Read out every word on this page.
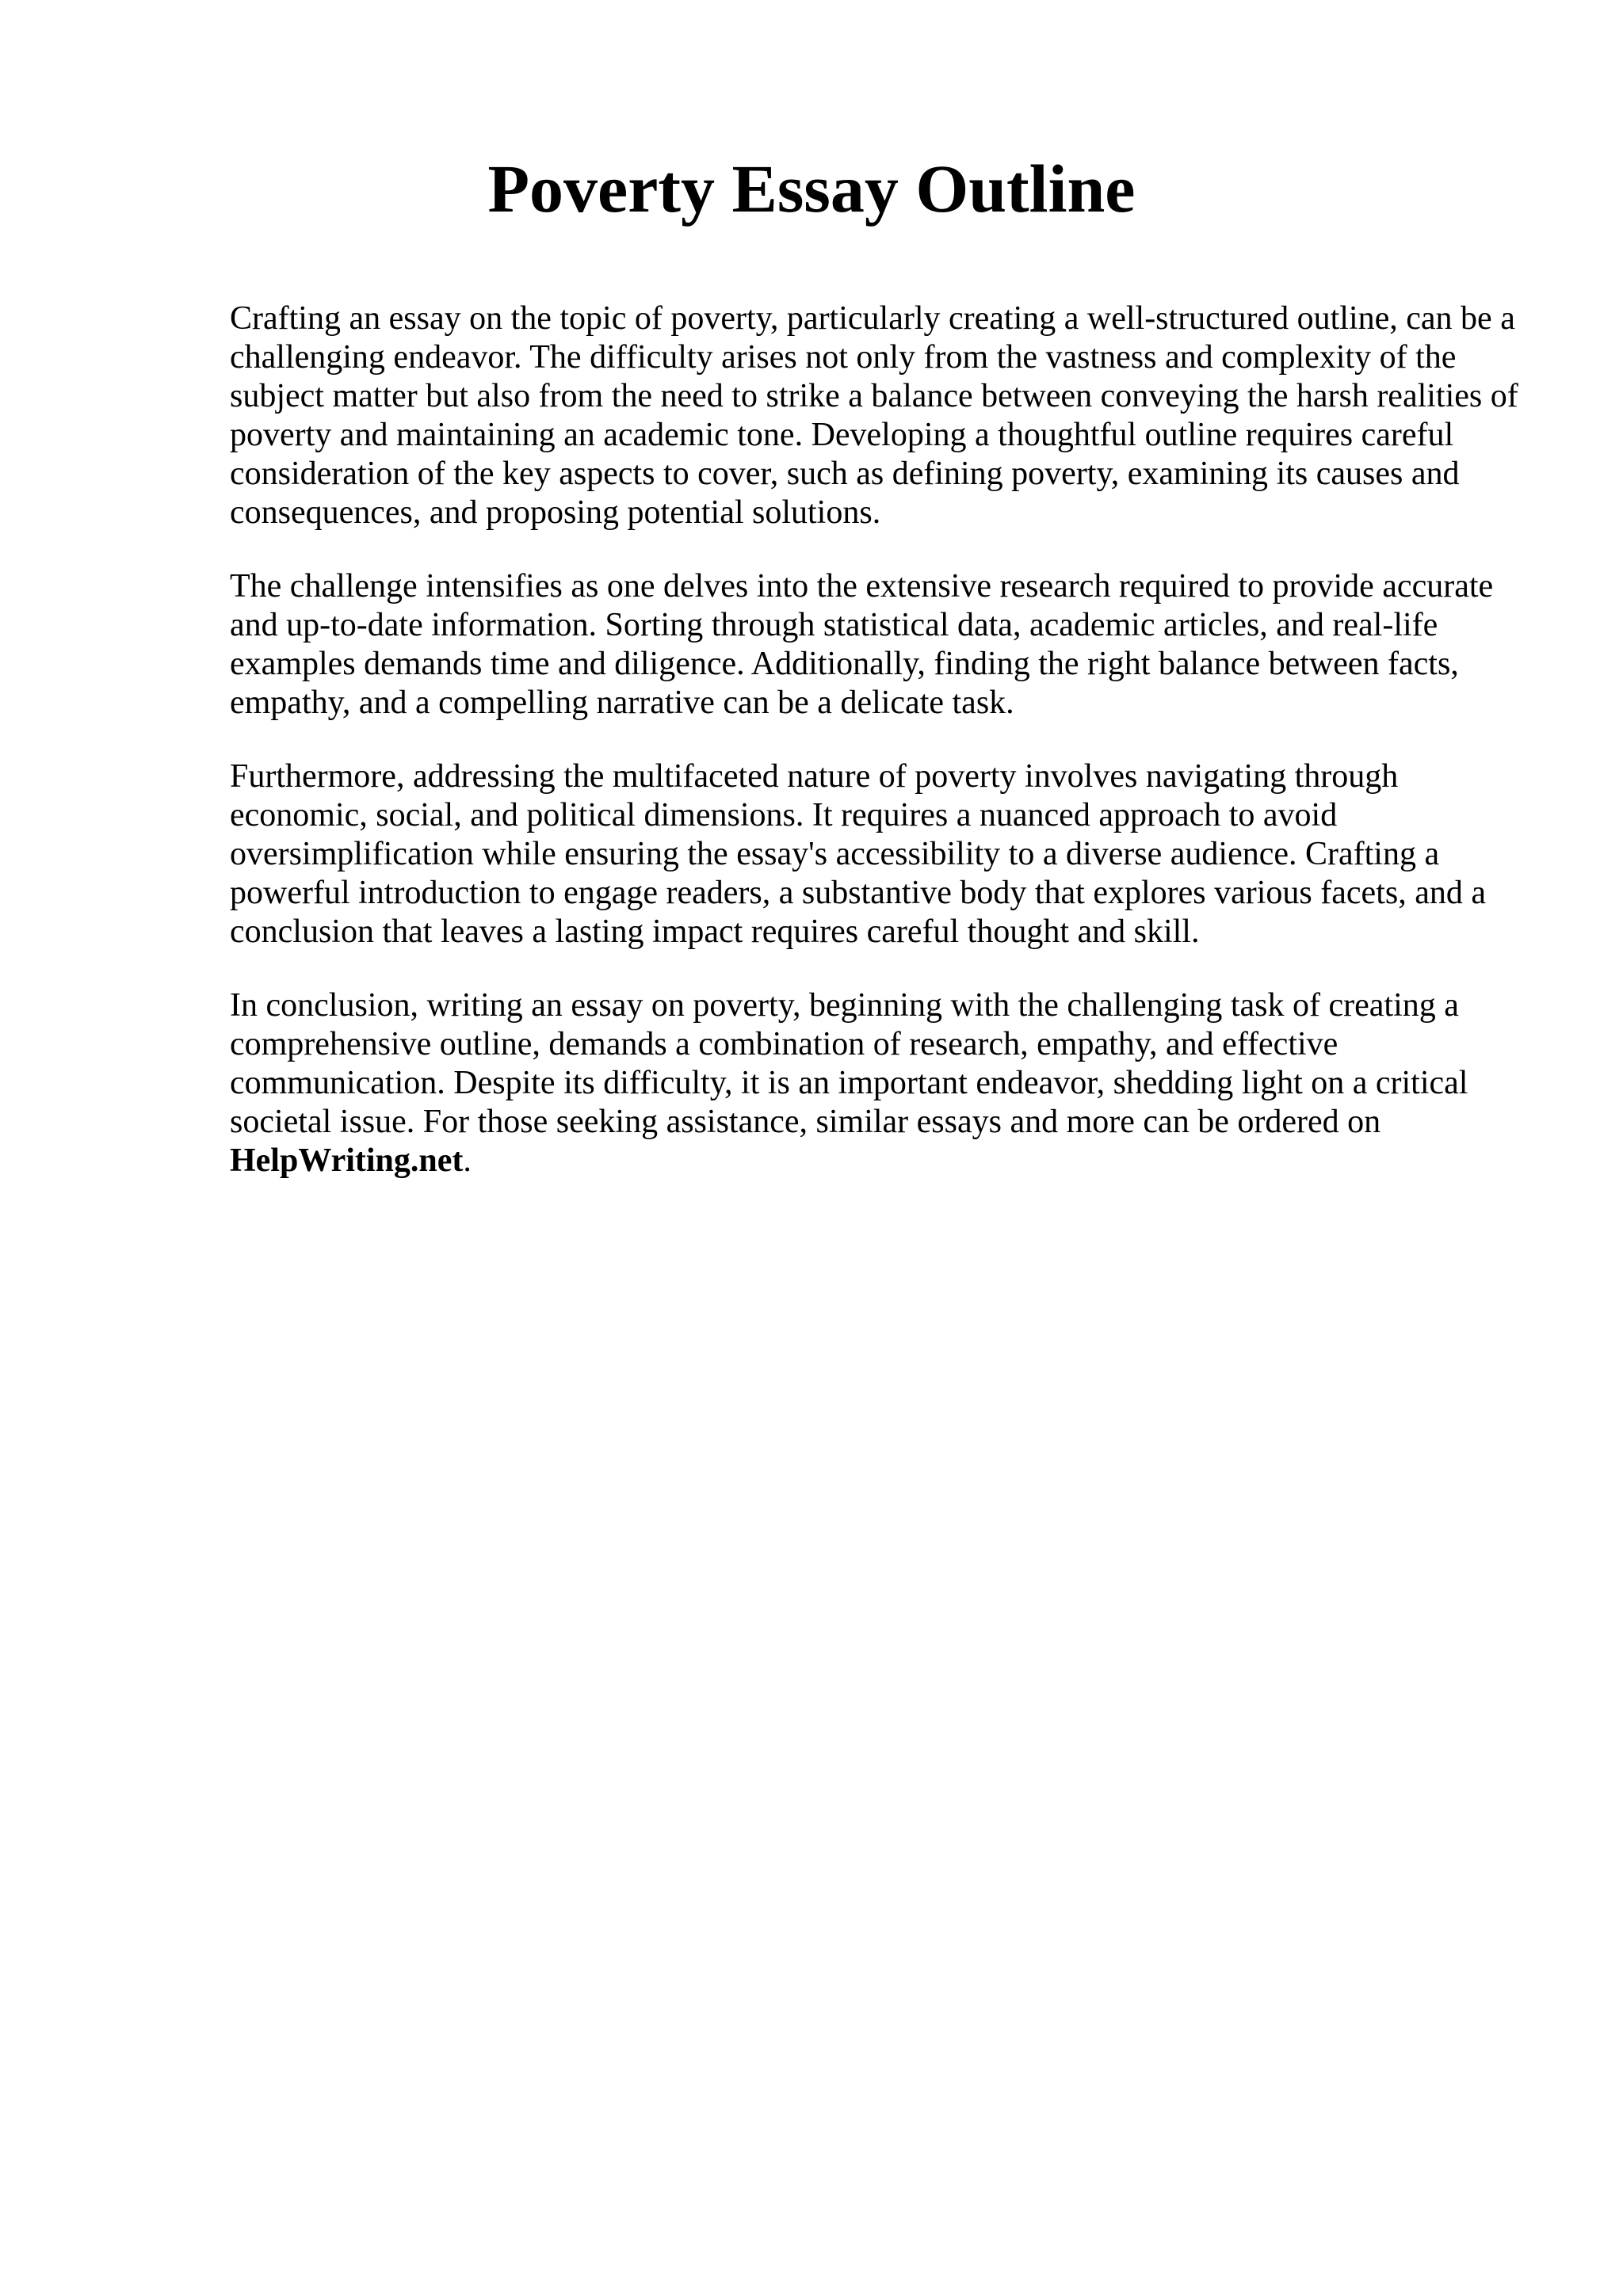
Poverty Essay Outline

Crafting an essay on the topic of poverty, particularly creating a well-structured outline, can be a
challenging endeavor. The difficulty arises not only from the vastness and complexity of the
subject matter but also from the need to strike a balance between conveying the harsh realities of
poverty and maintaining an academic tone. Developing a thoughtful outline requires careful
consideration of the key aspects to cover, such as defining poverty, examining its causes and
consequences, and proposing potential solutions.

The challenge intensifies as one delves into the extensive research required to provide accurate
and up-to-date information. Sorting through statistical data, academic articles, and real-life
examples demands time and diligence. Additionally, finding the right balance between facts,
empathy, and a compelling narrative can be a delicate task.

Furthermore, addressing the multifaceted nature of poverty involves navigating through
economic, social, and political dimensions. It requires a nuanced approach to avoid
oversimplification while ensuring the essay's accessibility to a diverse audience. Crafting a
powerful introduction to engage readers, a substantive body that explores various facets, and a
conclusion that leaves a lasting impact requires careful thought and skill.

In conclusion, writing an essay on poverty, beginning with the challenging task of creating a
comprehensive outline, demands a combination of research, empathy, and effective
communication. Despite its difficulty, it is an important endeavor, shedding light on a critical
societal issue. For those seeking assistance, similar essays and more can be ordered on
HelpWriting.net.
